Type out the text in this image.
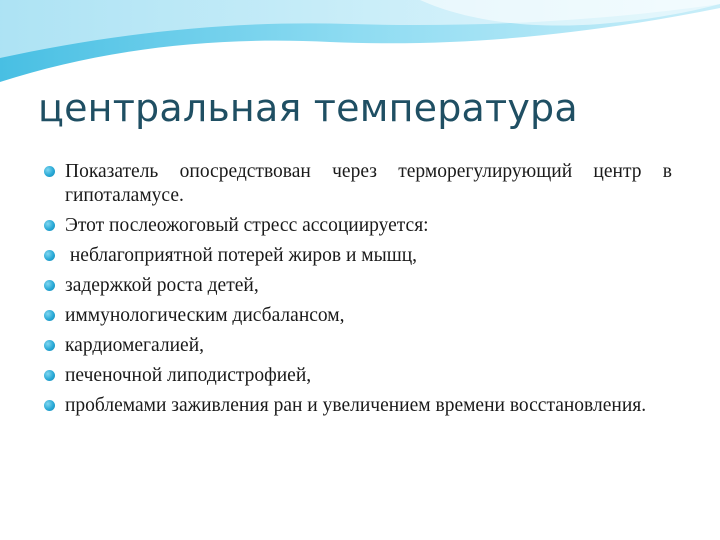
центральная температура
Показатель опосредствован через терморегулирующий центр в гипоталамусе.
Этот послеожоговый стресс ассоциируется:
неблагоприятной потерей жиров и мышц,
задержкой роста детей,
иммунологическим дисбалансом,
кардиомегалией,
печеночной липодистрофией,
проблемами заживления ран и увеличением времени восстановления.
